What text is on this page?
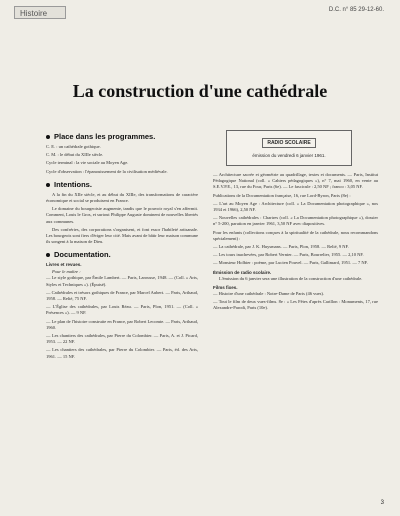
Histoire	D.C. n° 85 29-12-60.
La construction d'une cathédrale
Place dans les programmes.

C. E. : un cathédrale gothique.

C. M. : le début du XIIIe siècle.

Cycle terminal : la vie sociale au Moyen Age.

Cycle d'observation : l'épanouissement de la civilisation médiévale.

Intentions.

A la fin du XIIe siècle, et au début du XIIIe, des transformations de caractère économique et social se produisent en France.

Le domaine du bourgeoisie augmente, tandis que le pouvoir royal s'en affermit. Comment, Louis le Gros, et surtout Philippe Auguste dominent de nouvelles libertés aux communes.

Des confréries, des corporations s'organisent, et font essor l'habileté artisanale. Les bourgeois sont fiers d'ériger leur cité. Mais avant de bâtir leur maison commune ils songent à la maison de Dieu.

Documentation.
Livres et revues.
Pour le maître :

— Le style gothique, par Émile Lambert. — Paris, Larousse, 1948. — (Coll. « Arts, Styles et Techniques »). (Épuisé).

— Cathédrales et trésors gothiques de France, par Marcel Aubert. — Paris, Arthaud, 1958. — Relié, 75 NF.

— L'Église des cathédrales, par Louis Réau. — Paris, Plon, 1951. — (Coll. « Présences »). — 9 NF.

— Le plan de l'histoire construite en France, par Robert Lecomte. — Paris, Arthaud, 1960.

— Les chantiers des cathédrales, par Pierre du Colombier. — Paris, A. et J. Picard, 1953. — 22 NF.

— Les chantiers des cathédrales, par Pierre du Colombier. — Paris, éd. des Arts, 1961. — 15 NF.

RADIO SCOLAIRE
émission du vendredi 6 janvier 1961.

— Architecture sacrée et géométrie au quadrillage, textes et documents. — Paris, Institut Pédagogique National (coll. « Cahiers pédagogiques »), n° 7, mai 1960, en vente au S.E.V.P.E., 13, rue du Four, Paris (6e). — Le fascicule : 2,50 NF ; franco : 3,05 NF.

Publications de la Documentation française, 16, rue Lord-Byron, Paris (8e) :

— L'art au Moyen Age : Architecture (coll. « La Documentation photographique », nos 1934 et 1966), 2,50 NF.

— Nouvelles cathédrales : Chartres (coll. « La Documentation photographique »), dossier n° 5-200, parution en janvier 1961, 3,50 NF avec diapositives.

Pour les enfants (collections conçues à la spiritualité de la cathédrale, nous recommandons spécialement) :

— La cathédrale, par J. K. Huysmans. — Paris, Plon, 1958. — Relié, 9 NF.

— Les tours inachevées, par Robert Vernier. — Paris, Bourrelier, 1955. — 2,10 NF.

— Monsieur Holbier : poème, par Lucien Pouvel. — Paris, Gallimard, 1951. — 7 NF.

Émission de radio scolaire.

L'émission du 6 janvier sera une illustration de la construction d'une cathédrale.

Films fixes.

— Histoire d'une cathédrale : Notre-Dame de Paris (46 vues).

— Tout le film de deux vues-films. 8e : « Les Fêtes d'après Carillon : Monuments, 17, rue Alexandre-Parodi, Paris (10e).

3
